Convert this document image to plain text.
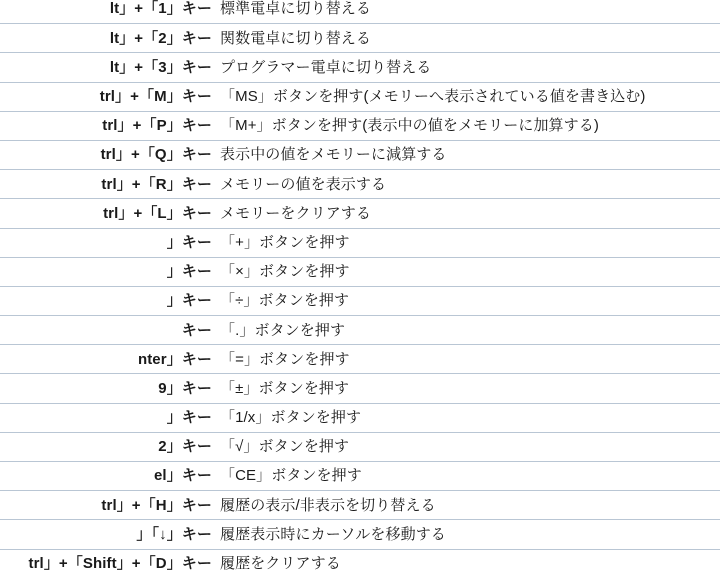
lt」+「1」キー	標準電卓に切り替える
lt」+「2」キー	関数電卓に切り替える
lt」+「3」キー	プログラマー電卓に切り替える
trl」+「M」キー	「MS」ボタンを押す(メモリーへ表示されている値を書き込む)
trl」+「P」キー	「M+」ボタンを押す(表示中の値をメモリーに加算する)
trl」+「Q」キー	表示中の値をメモリーに減算する
trl」+「R」キー	メモリーの値を表示する
trl」+「L」キー	メモリーをクリアする
」キー	「+」ボタンを押す
」キー	「×」ボタンを押す
」キー	「÷」ボタンを押す
キー	「.」ボタンを押す
nter」キー	「=」ボタンを押す
9」キー	「±」ボタンを押す
」キー	「1/x」ボタンを押す
2」キー	「√」ボタンを押す
el」キー	「CE」ボタンを押す
trl」+「H」キー	履歴の表示/非表示を切り替える
」「↓」キー	履歴表示時にカーソルを移動する
trl」+「Shift」+「D」キー	履歴をクリアする
